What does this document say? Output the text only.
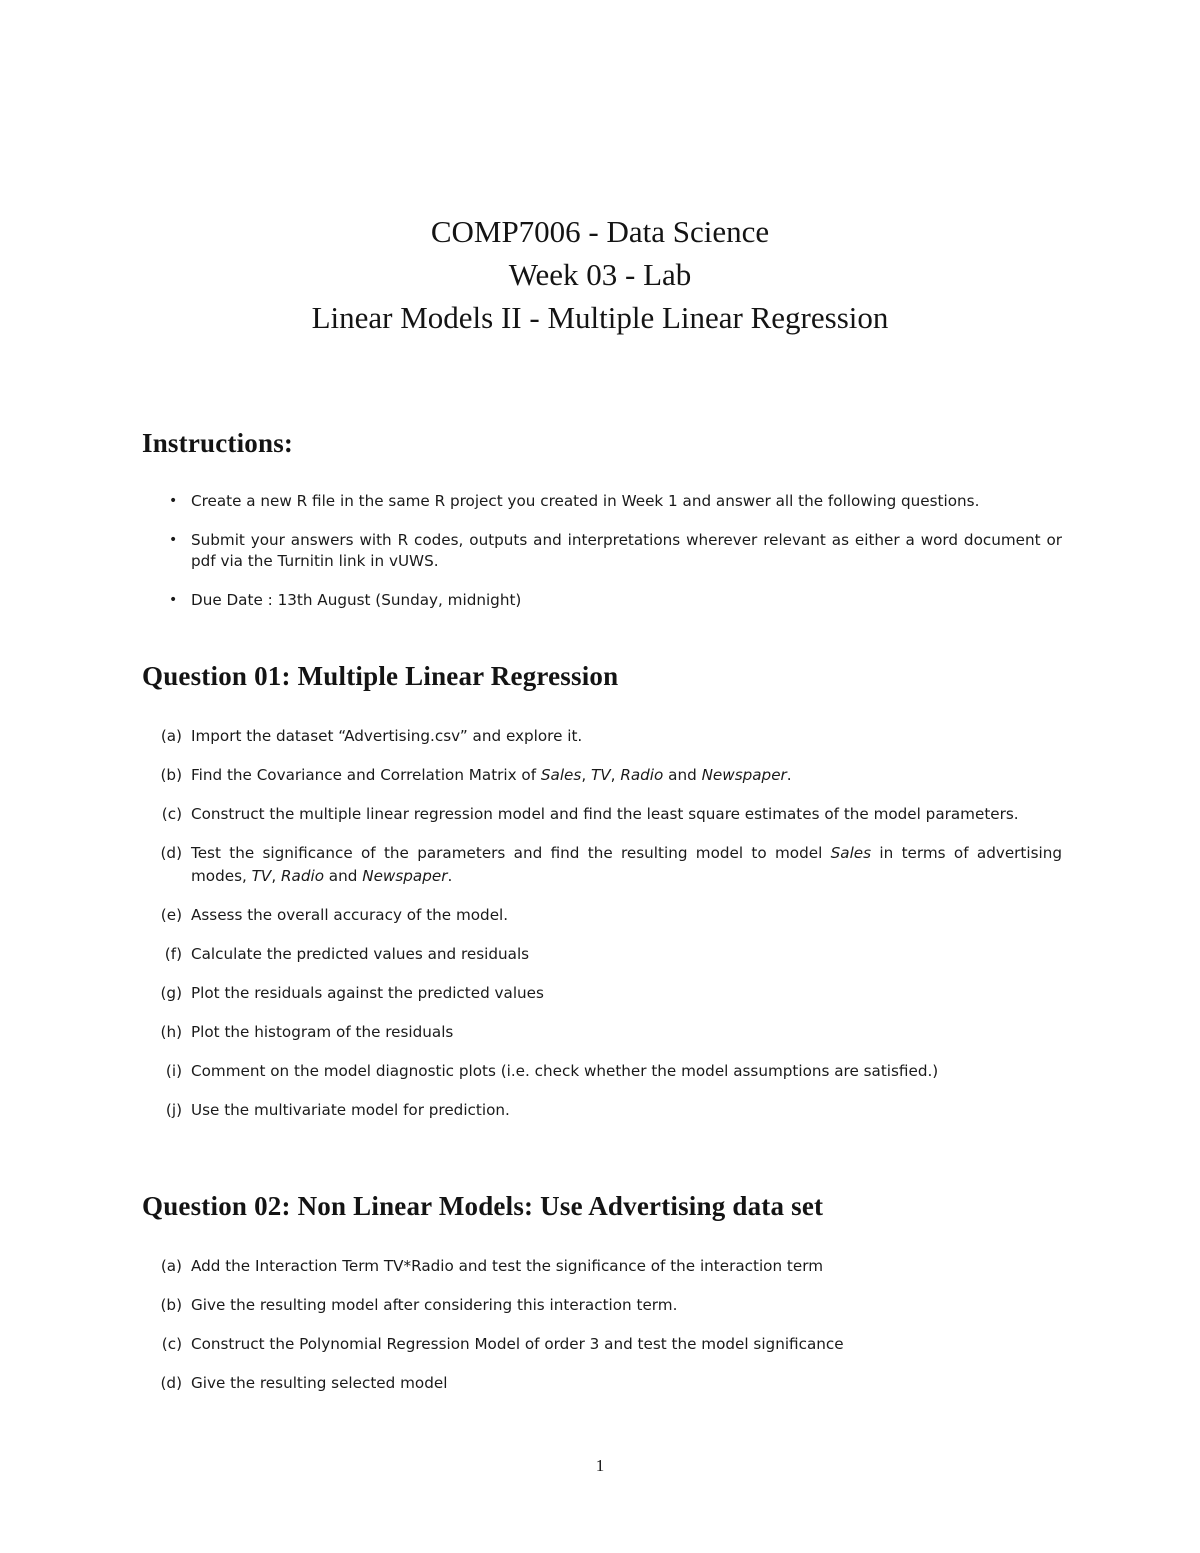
COMP7006 - Data Science
Week 03 - Lab
Linear Models II - Multiple Linear Regression
Instructions:
• Create a new R file in the same R project you created in Week 1 and answer all the following questions.
• Submit your answers with R codes, outputs and interpretations wherever relevant as either a word document or pdf via the Turnitin link in vUWS.
• Due Date : 13th August (Sunday, midnight)
Question 01: Multiple Linear Regression
(a) Import the dataset “Advertising.csv” and explore it.
(b) Find the Covariance and Correlation Matrix of Sales, TV, Radio and Newspaper.
(c) Construct the multiple linear regression model and find the least square estimates of the model parameters.
(d) Test the significance of the parameters and find the resulting model to model Sales in terms of advertising modes, TV, Radio and Newspaper.
(e) Assess the overall accuracy of the model.
(f) Calculate the predicted values and residuals
(g) Plot the residuals against the predicted values
(h) Plot the histogram of the residuals
(i) Comment on the model diagnostic plots (i.e. check whether the model assumptions are satisfied.)
(j) Use the multivariate model for prediction.
Question 02: Non Linear Models: Use Advertising data set
(a) Add the Interaction Term TV*Radio and test the significance of the interaction term
(b) Give the resulting model after considering this interaction term.
(c) Construct the Polynomial Regression Model of order 3 and test the model significance
(d) Give the resulting selected model
1
